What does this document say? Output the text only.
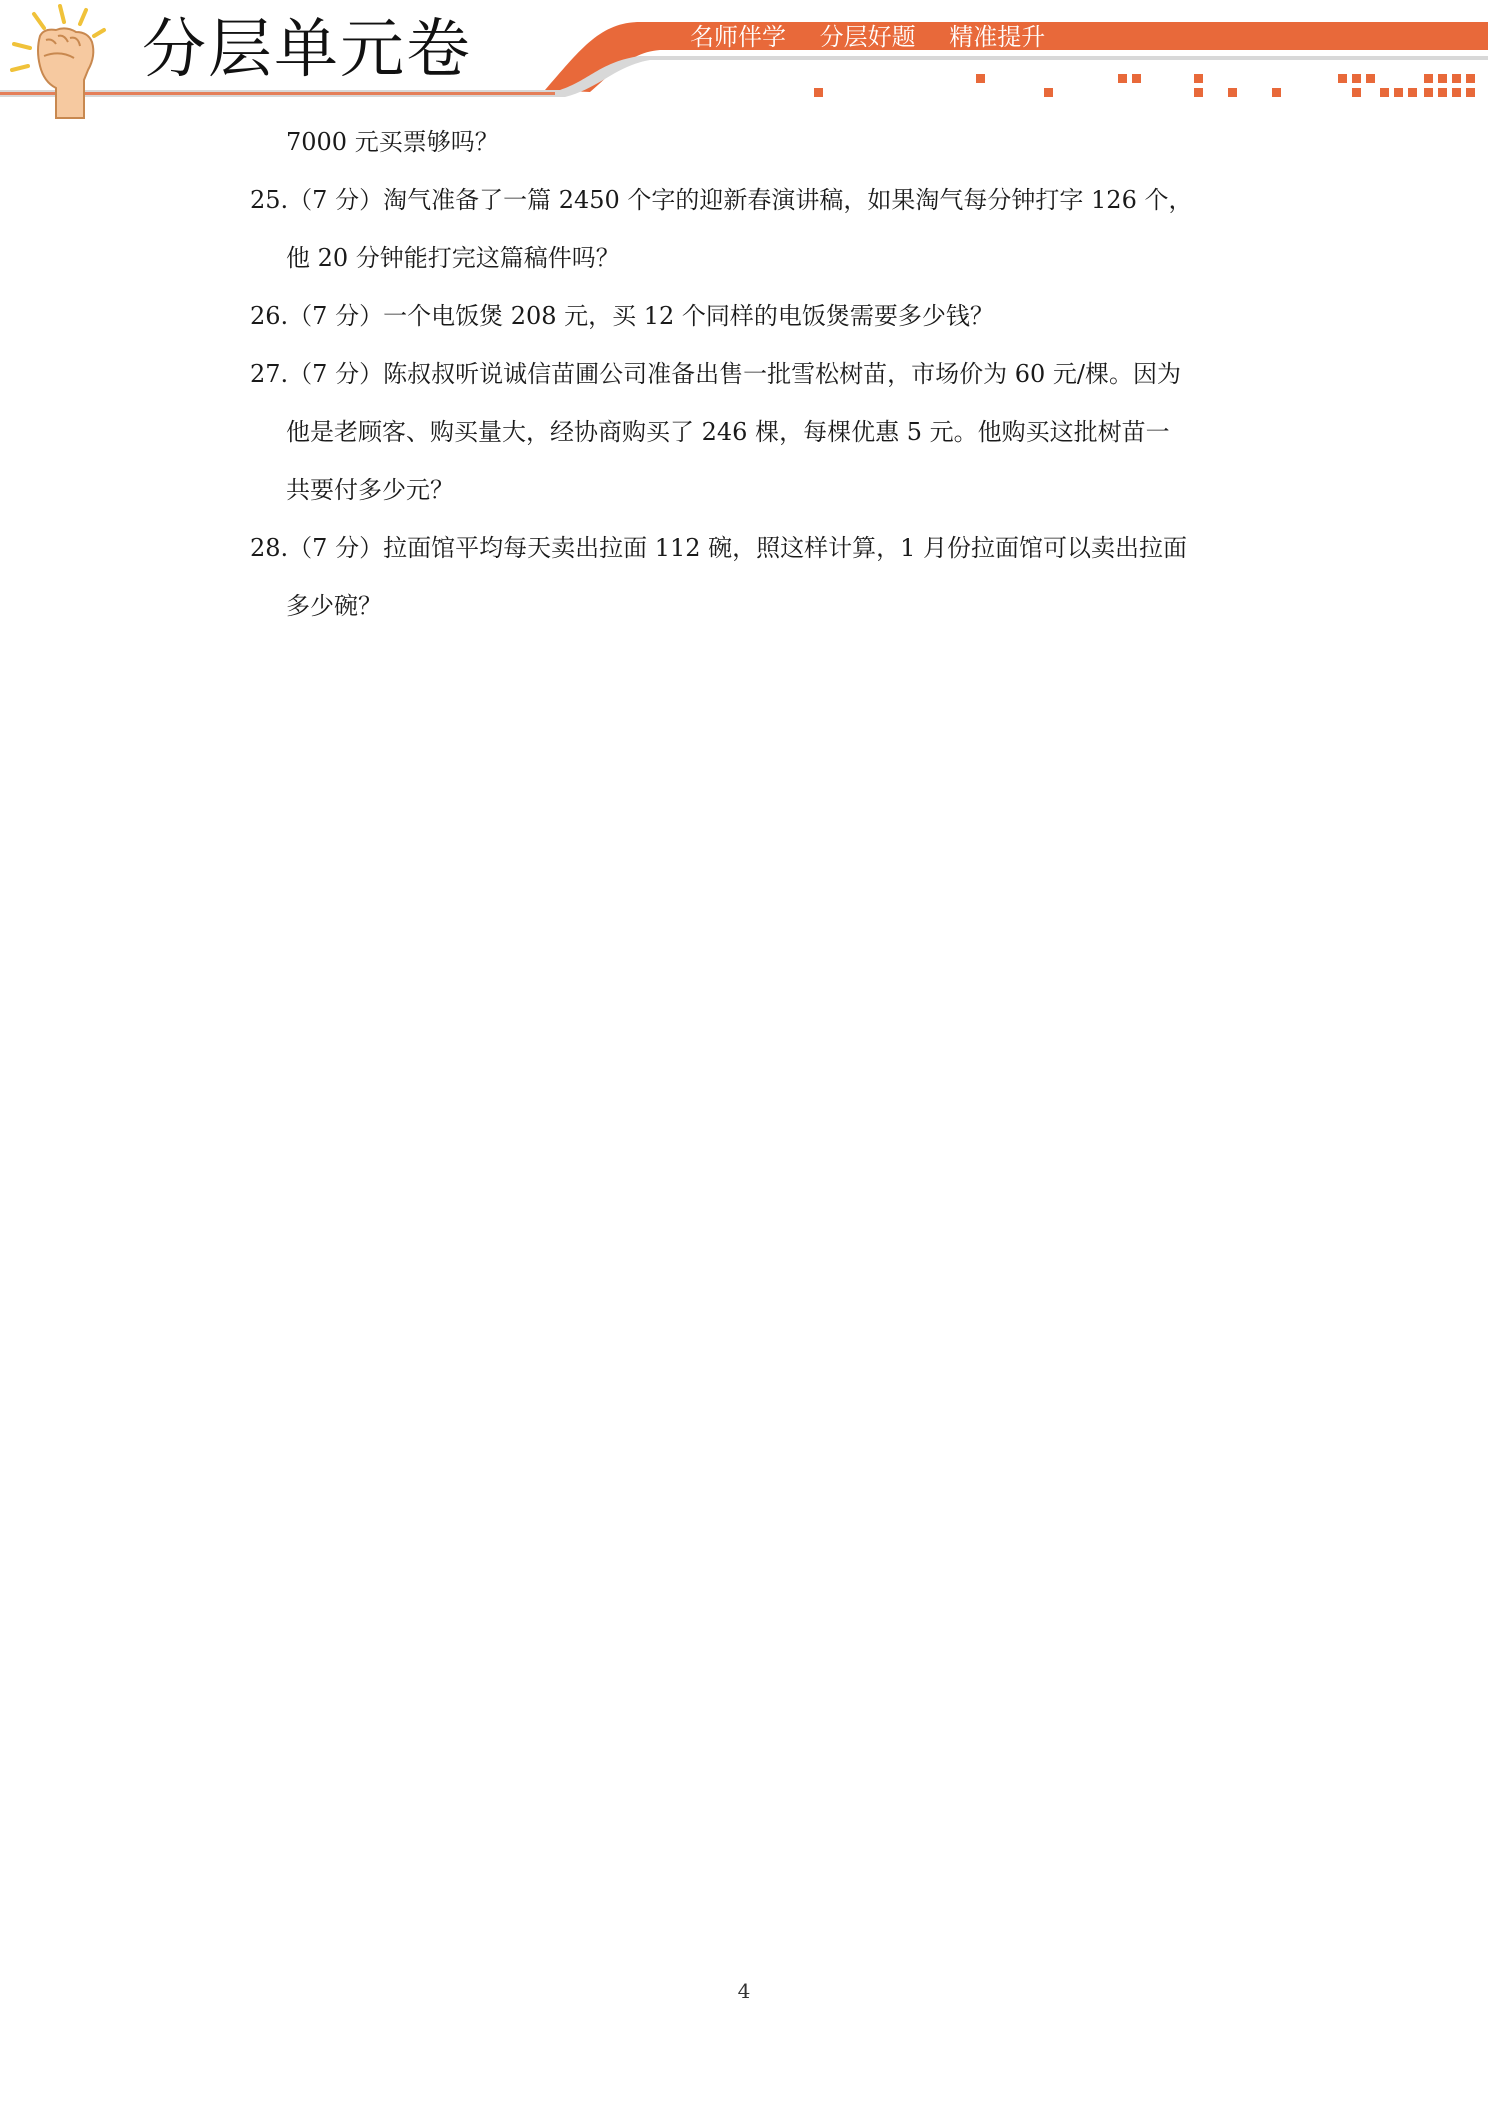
分层单元卷	名师伴学 分层好题 精准提升
7000 元买票够吗？
25.（7 分）淘气准备了一篇 2450 个字的迎新春演讲稿，如果淘气每分钟打字 126 个，
他 20 分钟能打完这篇稿件吗？
26.（7 分）一个电饭煲 208 元，买 12 个同样的电饭煲需要多少钱？
27.（7 分）陈叔叔听说诚信苗圃公司准备出售一批雪松树苗，市场价为 60 元/棵。因为
他是老顾客、购买量大，经协商购买了 246 棵，每棵优惠 5 元。他购买这批树苗一
共要付多少元？
28.（7 分）拉面馆平均每天卖出拉面 112 碗，照这样计算，1 月份拉面馆可以卖出拉面
多少碗？
4
